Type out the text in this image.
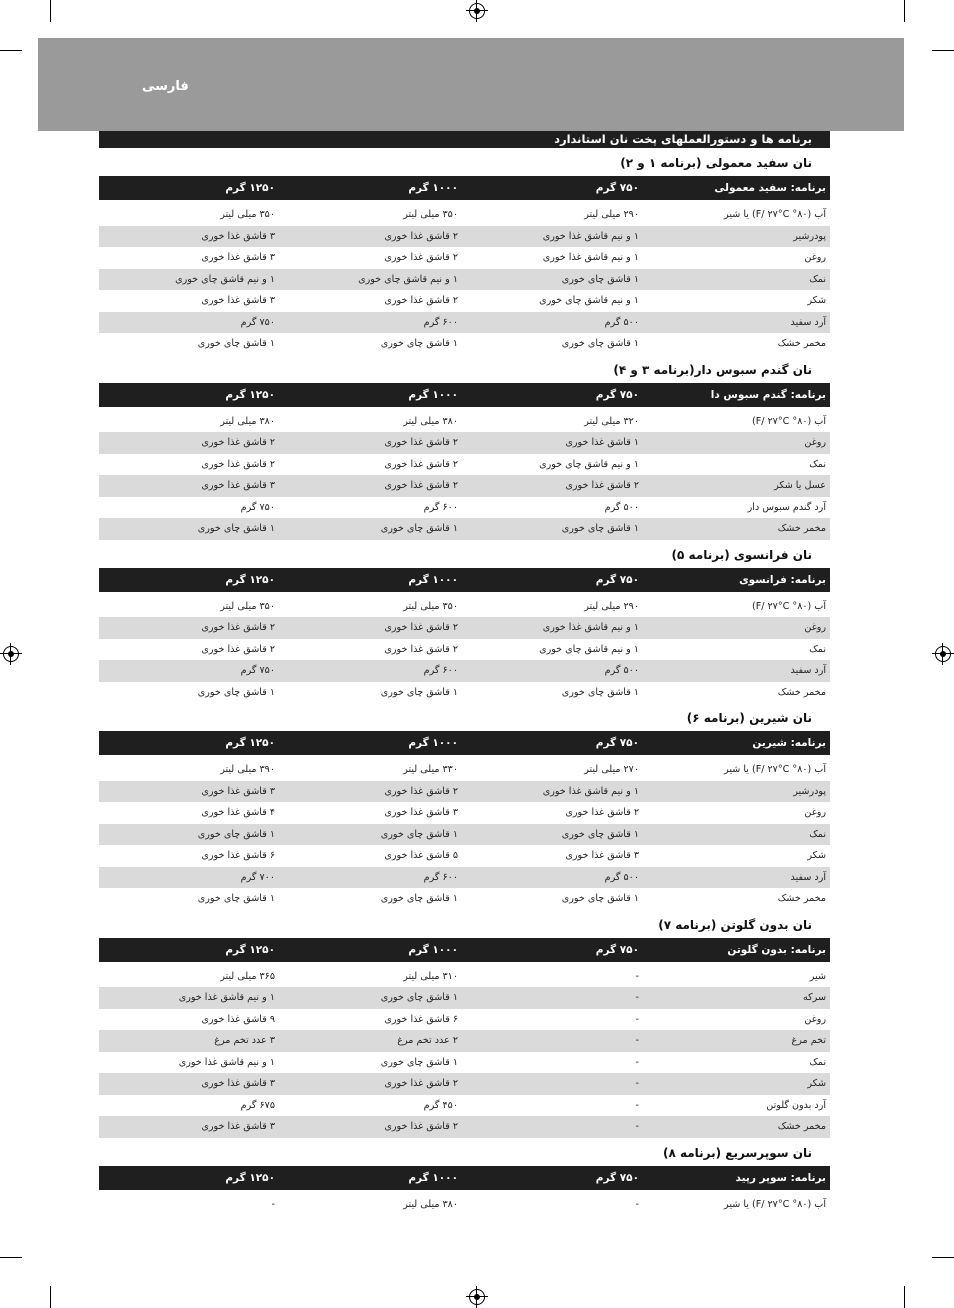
فارسی
برنامه ها و دستورالعملهای پخت نان استاندارد
نان سفید معمولی (برنامه ۱ و ۲)
۱۲۵۰ گرم	۱۰۰۰ گرم	۷۵۰ گرم	برنامه: سفید معمولی
۳۵۰ میلی لیتر	۳۵۰ میلی لیتر	۲۹۰ میلی لیتر	آب (۸۰° F/ ۲۷°C) یا شیر
۳ قاشق غذا خوری	۲ قاشق غذا خوری	۱ و نیم قاشق غذا خوری	پودرشیر
۳ قاشق غذا خوری	۲ قاشق غذا خوری	۱ و نیم قاشق غذا خوری	روغن
۱ و نیم قاشق چای خوری	۱ و نیم قاشق چای خوری	۱ قاشق چای خوری	نمک
۳ قاشق غذا خوری	۲ قاشق غذا خوری	۱ و نیم قاشق چای خوری	شکر
۷۵۰ گرم	۶۰۰ گرم	۵۰۰ گرم	آرد سفید
۱ قاشق چای خوری	۱ قاشق چای خوری	۱ قاشق چای خوری	مخمر خشک
نان گندم سبوس دار(برنامه ۳ و ۴)
۱۲۵۰ گرم	۱۰۰۰ گرم	۷۵۰ گرم	برنامه: گندم سبوس دا
۳۸۰ میلی لیتر	۳۸۰ میلی لیتر	۳۲۰ میلی لیتر	آب (۸۰° F/ ۲۷°C)
۲ قاشق غذا خوری	۲ قاشق غذا خوری	۱ قاشق غذا خوری	روغن
۲ قاشق غذا خوری	۲ قاشق غذا خوری	۱ و نیم قاشق چای خوری	نمک
۳ قاشق غذا خوری	۲ قاشق غذا خوری	۲ قاشق غذا خوری	عسل یا شکر
۷۵۰ گرم	۶۰۰ گرم	۵۰۰ گرم	آرد گندم سبوس دار
۱ قاشق چای خوری	۱ قاشق چای خوری	۱ قاشق چای خوری	مخمر خشک
نان فرانسوی (برنامه ۵)
۱۲۵۰ گرم	۱۰۰۰ گرم	۷۵۰ گرم	برنامه: فرانسوی
۳۵۰ میلی لیتر	۳۵۰ میلی لیتر	۲۹۰ میلی لیتر	آب (۸۰° F/ ۲۷°C)
۲ قاشق غذا خوری	۲ قاشق غذا خوری	۱ و نیم قاشق غذا خوری	روغن
۲ قاشق غذا خوری	۲ قاشق غذا خوری	۱ و نیم قاشق چای خوری	نمک
۷۵۰ گرم	۶۰۰ گرم	۵۰۰ گرم	آرد سفید
۱ قاشق چای خوری	۱ قاشق چای خوری	۱ قاشق چای خوری	مخمر خشک
نان شیرین (برنامه ۶)
۱۲۵۰ گرم	۱۰۰۰ گرم	۷۵۰ گرم	برنامه: شیرین
۳۹۰ میلی لیتر	۳۳۰ میلی لیتر	۲۷۰ میلی لیتر	آب (۸۰° F/ ۲۷°C) یا شیر
۳ قاشق غذا خوری	۲ قاشق غذا خوری	۱ و نیم قاشق غذا خوری	پودرشیر
۴ قاشق غذا خوری	۳ قاشق غذا خوری	۲ قاشق غذا خوری	روغن
۱ قاشق چای خوری	۱ قاشق چای خوری	۱ قاشق چای خوری	نمک
۶ قاشق غذا خوری	۵ قاشق غذا خوری	۳ قاشق غذا خوری	شکر
۷۰۰ گرم	۶۰۰ گرم	۵۰۰ گرم	آرد سفید
۱ قاشق چای خوری	۱ قاشق چای خوری	۱ قاشق چای خوری	مخمر خشک
نان بدون گلوتن (برنامه ۷)
۱۲۵۰ گرم	۱۰۰۰ گرم	۷۵۰ گرم	برنامه: بدون گلوتن
۳۶۵ میلی لیتر	۳۱۰ میلی لیتر	-	شیر
۱ و نیم قاشق غذا خوری	۱ قاشق چای خوری	-	سرکه
۹ قاشق غذا خوری	۶ قاشق غذا خوری	-	روغن
۳ عدد تخم مرغ	۲ عدد تخم مرغ	-	تخم مرغ
۱ و نیم قاشق غذا خوری	۱ قاشق چای خوری	-	نمک
۳ قاشق غذا خوری	۲ قاشق غذا خوری	-	شکر
۶۷۵ گرم	۴۵۰ گرم	-	آرد بدون گلوتن
۳ قاشق غذا خوری	۲ قاشق غذا خوری	-	مخمر خشک
نان سوپرسریع (برنامه ۸)
۱۲۵۰ گرم	۱۰۰۰ گرم	۷۵۰ گرم	برنامه: سوپر رپید
-	۳۸۰ میلی لیتر	-	آب (۸۰° F/ ۲۷°C) یا شیر
